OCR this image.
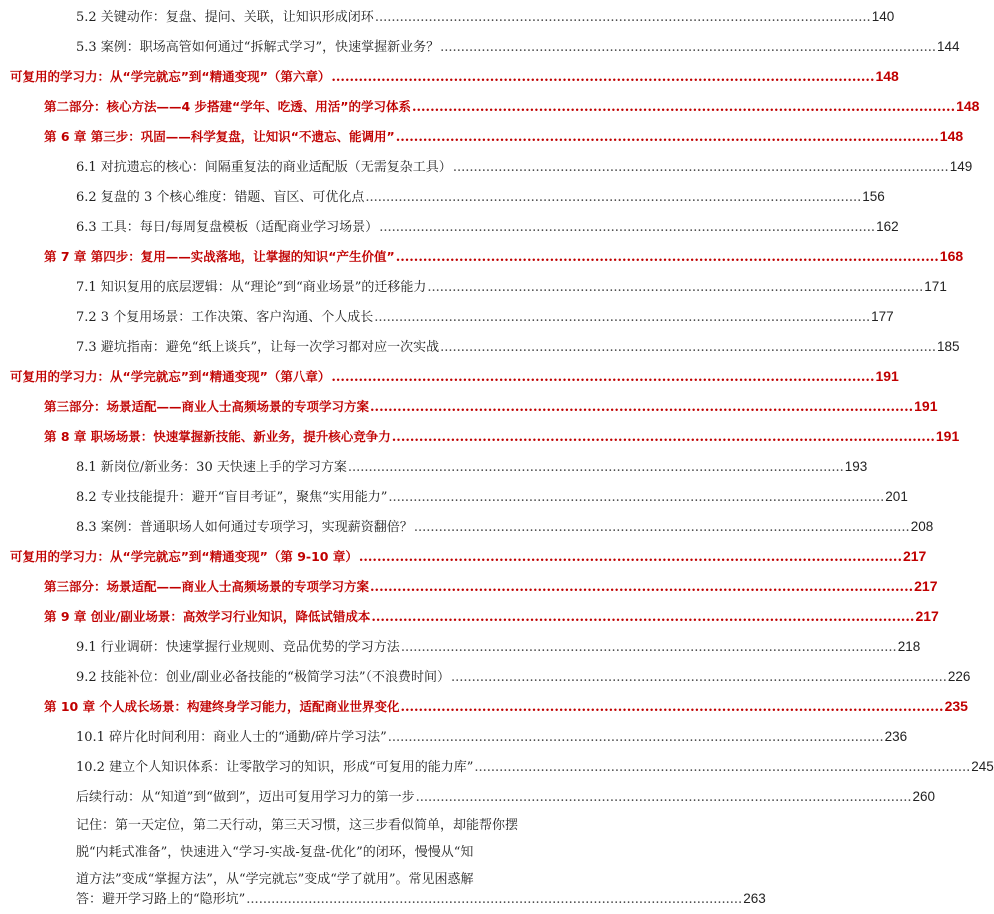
5.2 关键动作：复盘、提问、关联，让知识形成闭环 ........................................................................................................................ 140
5.3 案例：职场高管如何通过“拆解式学习”，快速掌握新业务？ ........................................................................................................................ 144
可复用的学习力：从“学完就忘”到“精通变现”（第六章） ........................................................................................................................ 148
第二部分：核心方法——4 步搭建“学年、吃透、用活”的学习体系 ........................................................................................................................ 148
第 6 章 第三步：巩固——科学复盘，让知识“不遗忘、能调用” ........................................................................................................................ 148
6.1 对抗遗忘的核心：间隔重复法的商业适配版（无需复杂工具） ........................................................................................................................ 149
6.2 复盘的 3 个核心维度：错题、盲区、可优化点 ........................................................................................................................ 156
6.3 工具：每日/每周复盘模板（适配商业学习场景） ........................................................................................................................ 162
第 7 章 第四步：复用——实战落地，让掌握的知识“产生价值” ........................................................................................................................ 168
7.1 知识复用的底层逻辑：从“理论”到“商业场景”的迁移能力 ........................................................................................................................ 171
7.2 3 个复用场景：工作决策、客户沟通、个人成长 ........................................................................................................................ 177
7.3 避坑指南：避免“纸上谈兵”，让每一次学习都对应一次实战 ........................................................................................................................ 185
可复用的学习力：从“学完就忘”到“精通变现”（第八章） ........................................................................................................................ 191
第三部分：场景适配——商业人士高频场景的专项学习方案 ........................................................................................................................ 191
第 8 章 职场场景：快速掌握新技能、新业务，提升核心竞争力 ........................................................................................................................ 191
8.1 新岗位/新业务：30 天快速上手的学习方案 ........................................................................................................................ 193
8.2 专业技能提升：避开“盲目考证”，聚焦“实用能力” ........................................................................................................................ 201
8.3 案例：普通职场人如何通过专项学习，实现薪资翻倍？ ........................................................................................................................ 208
可复用的学习力：从“学完就忘”到“精通变现”（第 9-10 章） ........................................................................................................................ 217
第三部分：场景适配——商业人士高频场景的专项学习方案 ........................................................................................................................ 217
第 9 章 创业/副业场景：高效学习行业知识，降低试错成本 ........................................................................................................................ 217
9.1 行业调研：快速掌握行业规则、竞品优势的学习方法 ........................................................................................................................ 218
9.2 技能补位：创业/副业必备技能的“极简学习法”（不浪费时间） ........................................................................................................................ 226
第 10 章 个人成长场景：构建终身学习能力，适配商业世界变化 ........................................................................................................................ 235
10.1 碎片化时间利用：商业人士的“通勤/碎片学习法” ........................................................................................................................ 236
10.2 建立个人知识体系：让零散学习的知识，形成“可复用的能力库” ........................................................................................................................ 245
后续行动：从“知道”到“做到”，迈出可复用学习力的第一步 ........................................................................................................................ 260
记住：第一天定位，第二天行动，第三天习惯，这三步看似简单，却能帮你摆
脱“内耗式准备”，快速进入“学习-实战-复盘-优化”的闭环，慢慢从“知
道方法”变成“掌握方法”，从“学完就忘”变成“学了就用”。常见困惑解
答：避开学习路上的“隐形坑” ........................................................................................................................ 263
